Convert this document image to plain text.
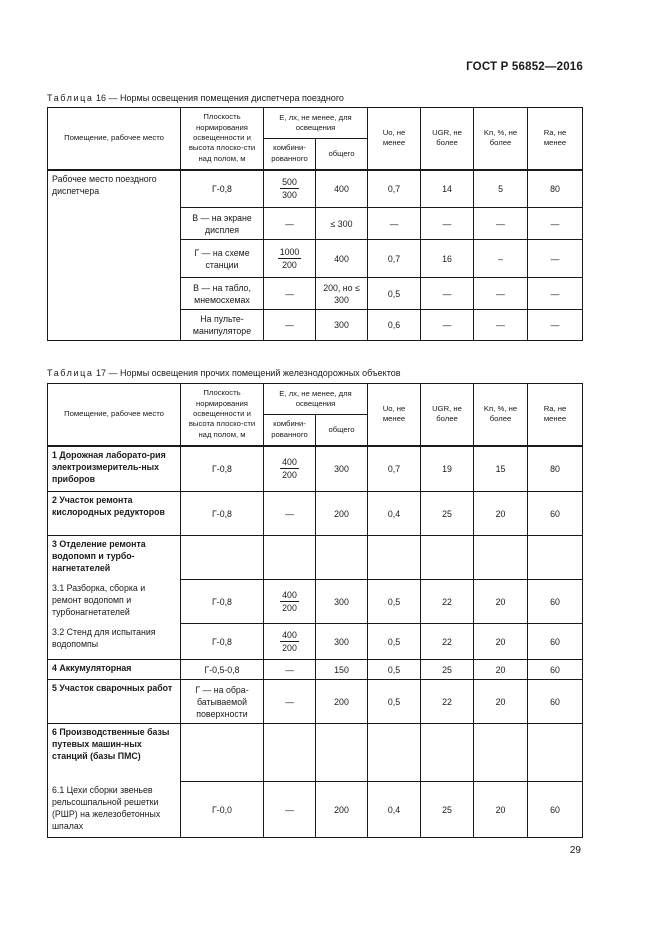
ГОСТ Р 56852—2016
Таблица 16 — Нормы освещения помещения диспетчера поездного
Помещение, рабочее место	Плоскость нормирования освещенности и высота плоско-сти над полом, м	E, лх, не менее, для освещения		Uo, не менее	UGR, не более	Kп, %, не более	Ra, не менее
		комбини-рованного	общего				
Рабочее место поездного диспетчера	Г-0,8	$\frac{500}{300}$	400	0,7	14	5	80
	В — на экране дисплея	—	≤ 300	—	—	—	—
	Г — на схеме станции	$\frac{1000}{200}$	400	0,7	16	–	—
	В — на табло, мнемосхемах	—	200, но ≤ 300	0,5	—	—	—
	На пульте-манипуляторе	—	300	0,6	—	—	—
Таблица 17 — Нормы освещения прочих помещений железнодорожных объектов
Помещение, рабочее место	Плоскость нормирования освещенности и высота плоско-сти над полом, м	E, лх, не менее, для освещения		Uo, не менее	UGR, не более	Kп, %, не более	Ra, не менее
		комбини-рованного	общего				
1 Дорожная лаборато-рия электроизмеритель-ных приборов	Г-0,8	$\frac{400}{200}$	300	0,7	19	15	80
2 Участок ремонта кислородных редукторов	Г-0,8	—	200	0,4	25	20	60
3 Отделение ремонта водопомп и турбо-нагнетателей							
3.1 Разборка, сборка и ремонт водопомп и турбонагнетателей	Г-0,8	$\frac{400}{200}$	300	0,5	22	20	60
3.2 Стенд для испытания водопомпы	Г-0,8	$\frac{400}{200}$	300	0,5	22	20	60
4 Аккумуляторная	Г-0,5-0,8	—	150	0,5	25	20	60
5 Участок сварочных работ	Г — на обра-батываемой поверхности	—	200	0,5	22	20	60
6 Производственные базы путевых машин-ных станций (базы ПМС)							
6.1 Цехи сборки звеньев рельсошпальной решетки (РШР) на железобетонных шпалах	Г-0,0	—	200	0,4	25	20	60
29
